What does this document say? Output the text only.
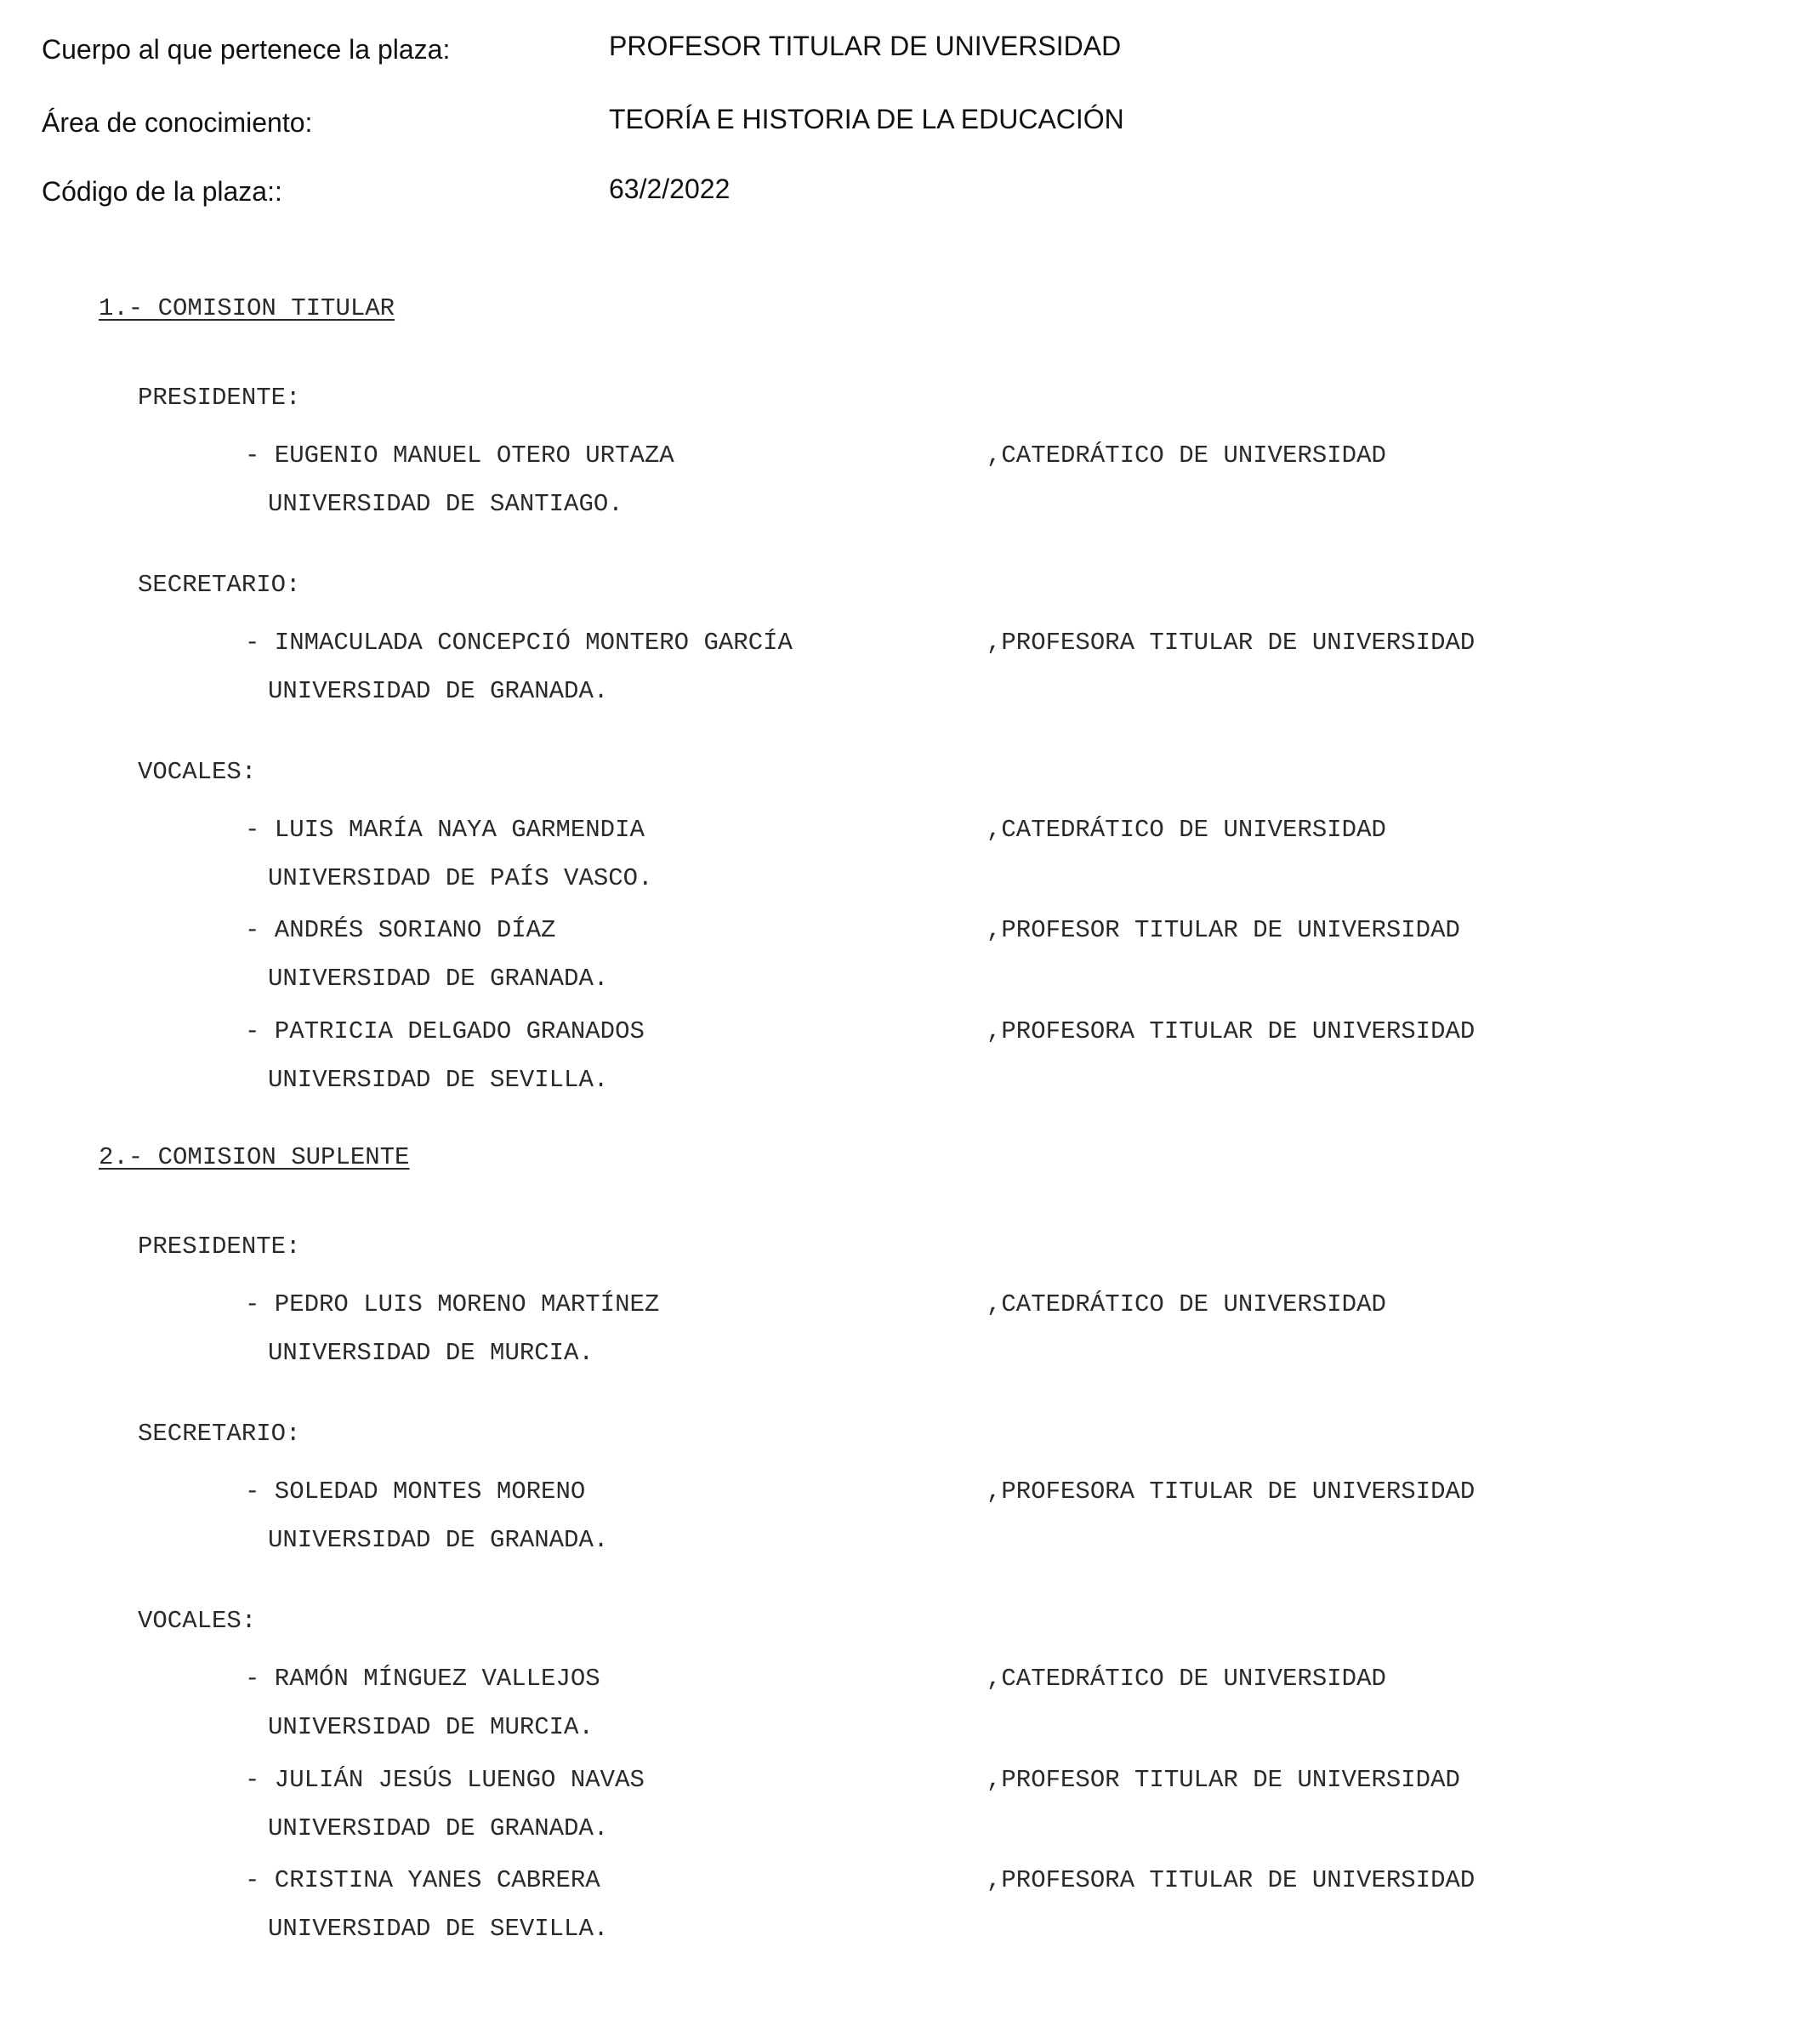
Cuerpo al que pertenece la plaza:	PROFESOR TITULAR DE UNIVERSIDAD
Área de conocimiento:	TEORÍA E HISTORIA DE LA EDUCACIÓN
Código de la plaza::	63/2/2022
1.- COMISION TITULAR
PRESIDENTE:
- EUGENIO MANUEL OTERO URTAZA	,CATEDRÁTICO DE UNIVERSIDAD
UNIVERSIDAD DE SANTIAGO.
SECRETARIO:
- INMACULADA CONCEPCIÓ MONTERO GARCÍA	,PROFESORA TITULAR DE UNIVERSIDAD
UNIVERSIDAD DE GRANADA.
VOCALES:
- LUIS MARÍA NAYA GARMENDIA	,CATEDRÁTICO DE UNIVERSIDAD
UNIVERSIDAD DE PAÍS VASCO.
- ANDRÉS SORIANO DÍAZ	,PROFESOR TITULAR DE UNIVERSIDAD
UNIVERSIDAD DE GRANADA.
- PATRICIA DELGADO GRANADOS	,PROFESORA TITULAR DE UNIVERSIDAD
UNIVERSIDAD DE SEVILLA.
2.- COMISION SUPLENTE
PRESIDENTE:
- PEDRO LUIS MORENO MARTÍNEZ	,CATEDRÁTICO DE UNIVERSIDAD
UNIVERSIDAD DE MURCIA.
SECRETARIO:
- SOLEDAD MONTES MORENO	,PROFESORA TITULAR DE UNIVERSIDAD
UNIVERSIDAD DE GRANADA.
VOCALES:
- RAMÓN MÍNGUEZ VALLEJOS	,CATEDRÁTICO DE UNIVERSIDAD
UNIVERSIDAD DE MURCIA.
- JULIÁN JESÚS LUENGO NAVAS	,PROFESOR TITULAR DE UNIVERSIDAD
UNIVERSIDAD DE GRANADA.
- CRISTINA YANES CABRERA	,PROFESORA TITULAR DE UNIVERSIDAD
UNIVERSIDAD DE SEVILLA.
